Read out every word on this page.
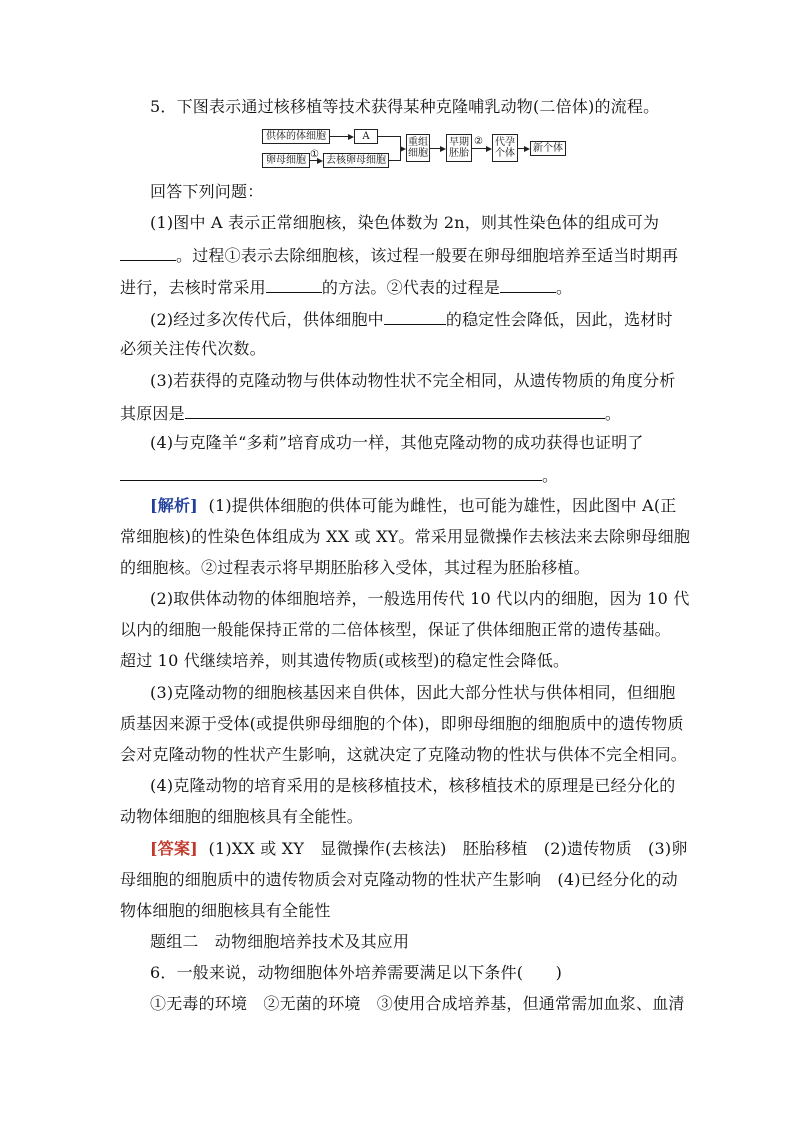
5．下图表示通过核移植等技术获得某种克隆哺乳动物(二倍体)的流程。
供体的体细胞	A
卵母细胞
①
去核卵母细胞
重组
细胞
早期
胚胎
② 代孕
个体	新个体
回答下列问题：
(1)图中 A 表示正常细胞核，染色体数为 2n，则其性染色体的组成可为
。过程①表示去除细胞核，该过程一般要在卵母细胞培养至适当时期再
进行，去核时常采用	的方法。②代表的过程是	。
(2)经过多次传代后，供体细胞中	的稳定性会降低，因此，选材时
必须关注传代次数。
(3)若获得的克隆动物与供体动物性状不完全相同，从遗传物质的角度分析
其原因是	。
(4)与克隆羊“多莉”培育成功一样，其他克隆动物的成功获得也证明了
。
[解析] (1)提供体细胞的供体可能为雌性，也可能为雄性，因此图中 A(正
常细胞核)的性染色体组成为 XX 或 XY。常采用显微操作去核法来去除卵母细胞
的细胞核。②过程表示将早期胚胎移入受体，其过程为胚胎移植。
(2)取供体动物的体细胞培养，一般选用传代 10 代以内的细胞，因为 10 代
以内的细胞一般能保持正常的二倍体核型，保证了供体细胞正常的遗传基础。
超过 10 代继续培养，则其遗传物质(或核型)的稳定性会降低。
(3)克隆动物的细胞核基因来自供体，因此大部分性状与供体相同，但细胞
质基因来源于受体(或提供卵母细胞的个体)，即卵母细胞的细胞质中的遗传物质
会对克隆动物的性状产生影响，这就决定了克隆动物的性状与供体不完全相同。
(4)克隆动物的培育采用的是核移植技术，核移植技术的原理是已经分化的
动物体细胞的细胞核具有全能性。
[答案] (1)XX 或 XY　显微操作(去核法)　胚胎移植　(2)遗传物质　(3)卵
母细胞的细胞质中的遗传物质会对克隆动物的性状产生影响　(4)已经分化的动
物体细胞的细胞核具有全能性
题组二　动物细胞培养技术及其应用
6．一般来说，动物细胞体外培养需要满足以下条件(　　)
①无毒的环境　②无菌的环境　③使用合成培养基，但通常需加血浆、血清
